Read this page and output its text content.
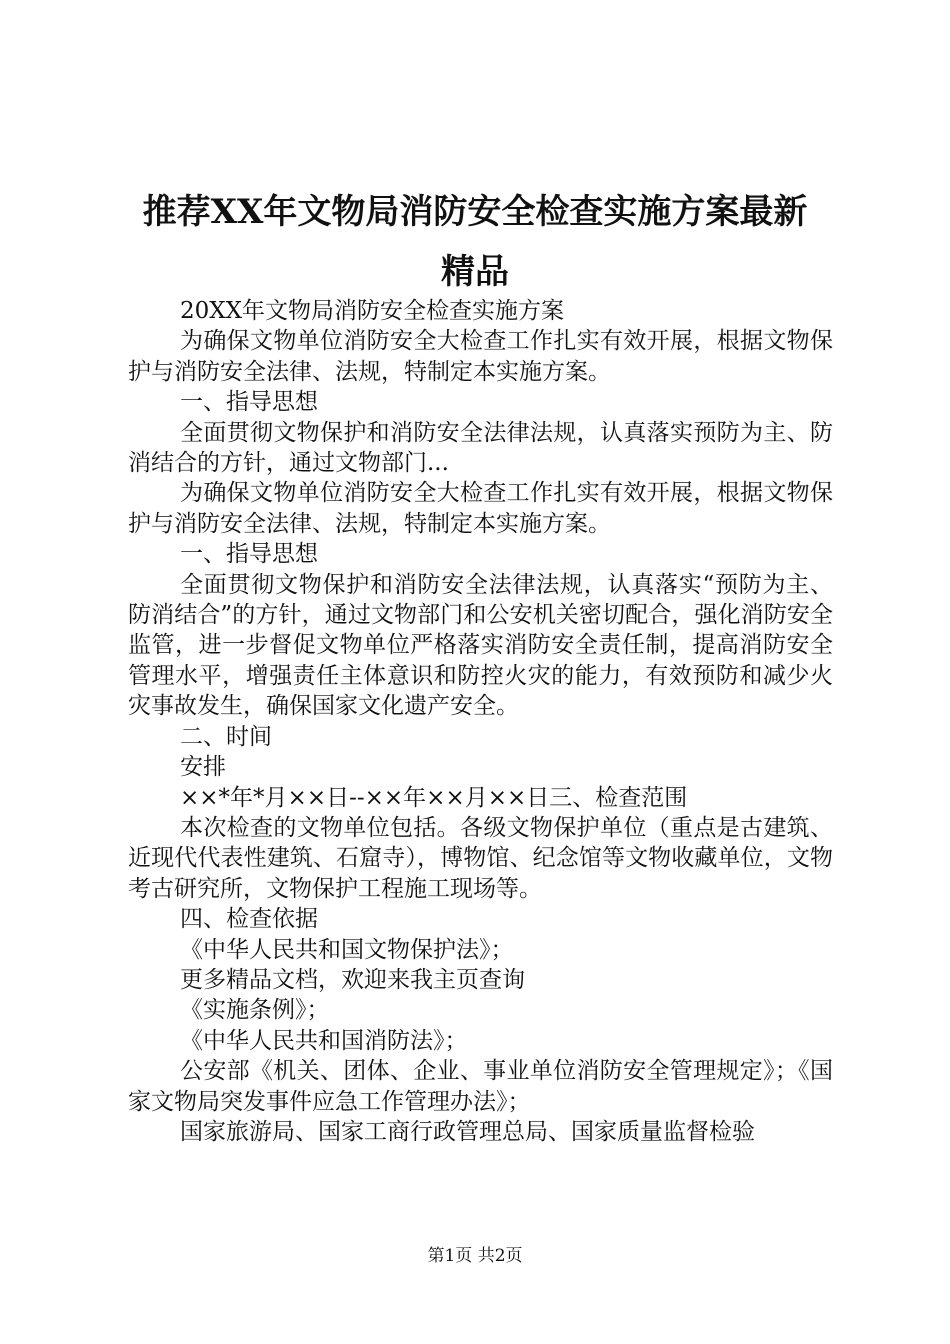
推荐XX年文物局消防安全检查实施方案最新
精品

20XX年文物局消防安全检查实施方案

为确保文物单位消防安全大检查工作扎实有效开展，根据文物保护与消防安全法律、法规，特制定本实施方案。

一、指导思想

全面贯彻文物保护和消防安全法律法规，认真落实预防为主、防消结合的方针，通过文物部门...

为确保文物单位消防安全大检查工作扎实有效开展，根据文物保护与消防安全法律、法规，特制定本实施方案。

一、指导思想

全面贯彻文物保护和消防安全法律法规，认真落实“预防为主、防消结合”的方针，通过文物部门和公安机关密切配合，强化消防安全监管，进一步督促文物单位严格落实消防安全责任制，提高消防安全管理水平，增强责任主体意识和防控火灾的能力，有效预防和减少火灾事故发生，确保国家文化遗产安全。

二、时间

安排

××*年*月××日--××年××月××日三、检查范围

本次检查的文物单位包括。各级文物保护单位（重点是古建筑、近现代代表性建筑、石窟寺），博物馆、纪念馆等文物收藏单位，文物考古研究所，文物保护工程施工现场等。

四、检查依据

《中华人民共和国文物保护法》；

更多精品文档，欢迎来我主页查询

《实施条例》；

《中华人民共和国消防法》；

公安部《机关、团体、企业、事业单位消防安全管理规定》；《国家文物局突发事件应急工作管理办法》；

国家旅游局、国家工商行政管理总局、国家质量监督检验

第1页 共2页
